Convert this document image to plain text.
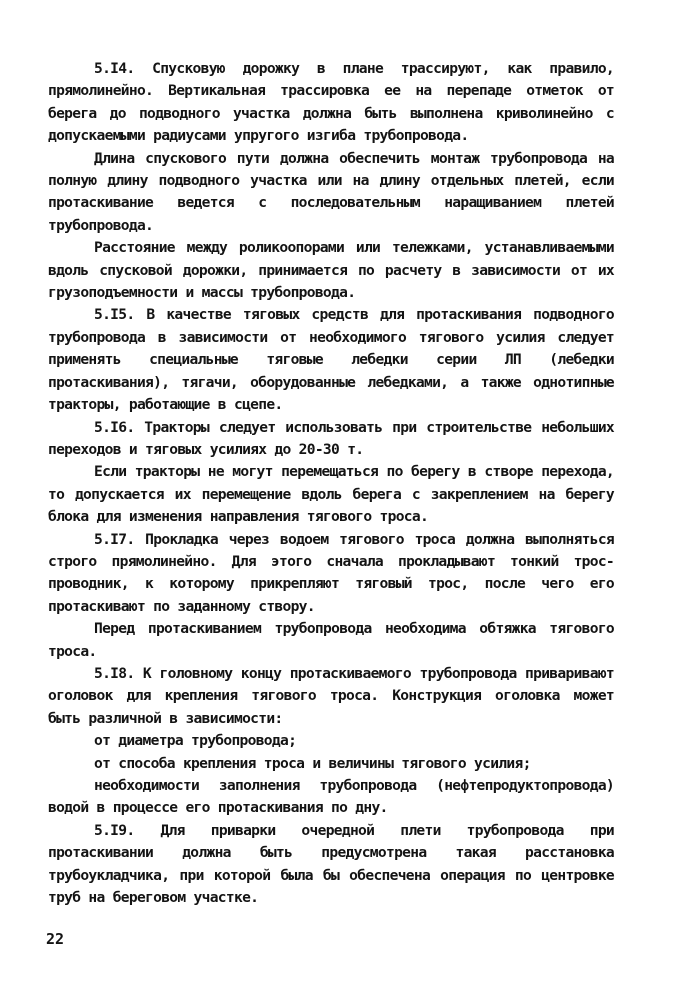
5.I4. Спусковую дорожку в плане трассируют, как правило, прямолинейно. Вертикальная трассировка ее на перепаде отметок от берега до подводного участка должна быть выполнена криволинейно с допускаемыми радиусами упругого изгиба трубопровода.

Длина спускового пути должна обеспечить монтаж трубопровода на полную длину подводного участка или на длину отдельных плетей, если протаскивание ведется с последовательным наращиванием плетей трубопровода.

Расстояние между роликоопорами или тележками, устанавливаемыми вдоль спусковой дорожки, принимается по расчету в зависимости от их грузоподъемности и массы трубопровода.

5.I5. В качестве тяговых средств для протаскивания подводного трубопровода в зависимости от необходимого тягового усилия следует применять специальные тяговые лебедки серии ЛП (лебедки протаскивания), тягачи, оборудованные лебедками, а также однотипные тракторы, работающие в сцепе.

5.I6. Тракторы следует использовать при строительстве небольших переходов и тяговых усилиях до 20-30 т.

Если тракторы не могут перемещаться по берегу в створе перехода, то допускается их перемещение вдоль берега с закреплением на берегу блока для изменения направления тягового троса.

5.I7. Прокладка через водоем тягового троса должна выполняться строго прямолинейно. Для этого сначала прокладывают тонкий трос-проводник, к которому прикрепляют тяговый трос, после чего его протаскивают по заданному створу.

Перед протаскиванием трубопровода необходима обтяжка тягового троса.

5.I8. К головному концу протаскиваемого трубопровода приваривают оголовок для крепления тягового троса. Конструкция оголовка может быть различной в зависимости:

от диаметра трубопровода;

от способа крепления троса и величины тягового усилия;

необходимости заполнения трубопровода (нефтепродуктопровода) водой в процессе его протаскивания по дну.

5.I9. Для приварки очередной плети трубопровода при протаскивании должна быть предусмотрена такая расстановка трубоукладчика, при которой была бы обеспечена операция по центровке труб на береговом участке.

22
